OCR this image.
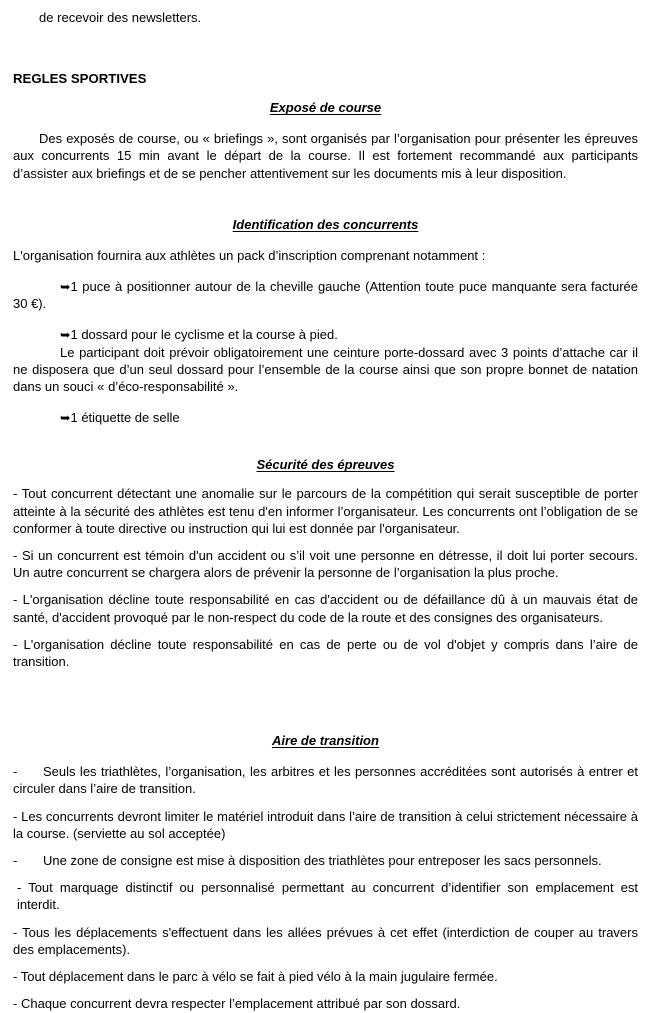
de recevoir des newsletters.

REGLES SPORTIVES
Exposé de course

Des exposés de course, ou « briefings », sont organisés par l’organisation pour présenter les épreuves aux concurrents 15 min avant le départ de la course. Il est fortement recommandé aux participants d’assister aux briefings et de se pencher attentivement sur les documents mis à leur disposition.

Identification des concurrents

L'organisation fournira aux athlètes un pack d’inscription comprenant notamment :

➥1 puce à positionner autour de la cheville gauche (Attention toute puce manquante sera facturée 30 €).

➥1 dossard pour le cyclisme et la course à pied.

Le participant doit prévoir obligatoirement une ceinture porte-dossard avec 3 points d’attache car il ne disposera que d’un seul dossard pour l’ensemble de la course ainsi que son propre bonnet de natation dans un souci « d’éco-responsabilité ».

➥1 étiquette de selle

Sécurité des épreuves

- Tout concurrent détectant une anomalie sur le parcours de la compétition qui serait susceptible de porter atteinte à la sécurité des athlètes est tenu d'en informer l’organisateur. Les concurrents ont l’obligation de se conformer à toute directive ou instruction qui lui est donnée par l'organisateur.

- Si un concurrent est témoin d'un accident ou s’il voit une personne en détresse, il doit lui porter secours. Un autre concurrent se chargera alors de prévenir la personne de l’organisation la plus proche.

- L'organisation décline toute responsabilité en cas d'accident ou de défaillance dû à un mauvais état de santé, d'accident provoqué par le non-respect du code de la route et des consignes des organisateurs.

- L'organisation décline toute responsabilité en cas de perte ou de vol d'objet y compris dans l’aire de transition.

Aire de transition

- Seuls les triathlètes, l’organisation, les arbitres et les personnes accréditées sont autorisés à entrer et circuler dans l’aire de transition.

- Les concurrents devront limiter le matériel introduit dans l’aire de transition à celui strictement nécessaire à la course. (serviette au sol acceptée)

- Une zone de consigne est mise à disposition des triathlètes pour entreposer les sacs personnels.

- Tout marquage distinctif ou personnalisé permettant au concurrent d’identifier son emplacement est interdit.

- Tous les déplacements s'effectuent dans les allées prévues à cet effet (interdiction de couper au travers des emplacements).

- Tout déplacement dans le parc à vélo se fait à pied vélo à la main jugulaire fermée.

- Chaque concurrent devra respecter l’emplacement attribué par son dossard.
